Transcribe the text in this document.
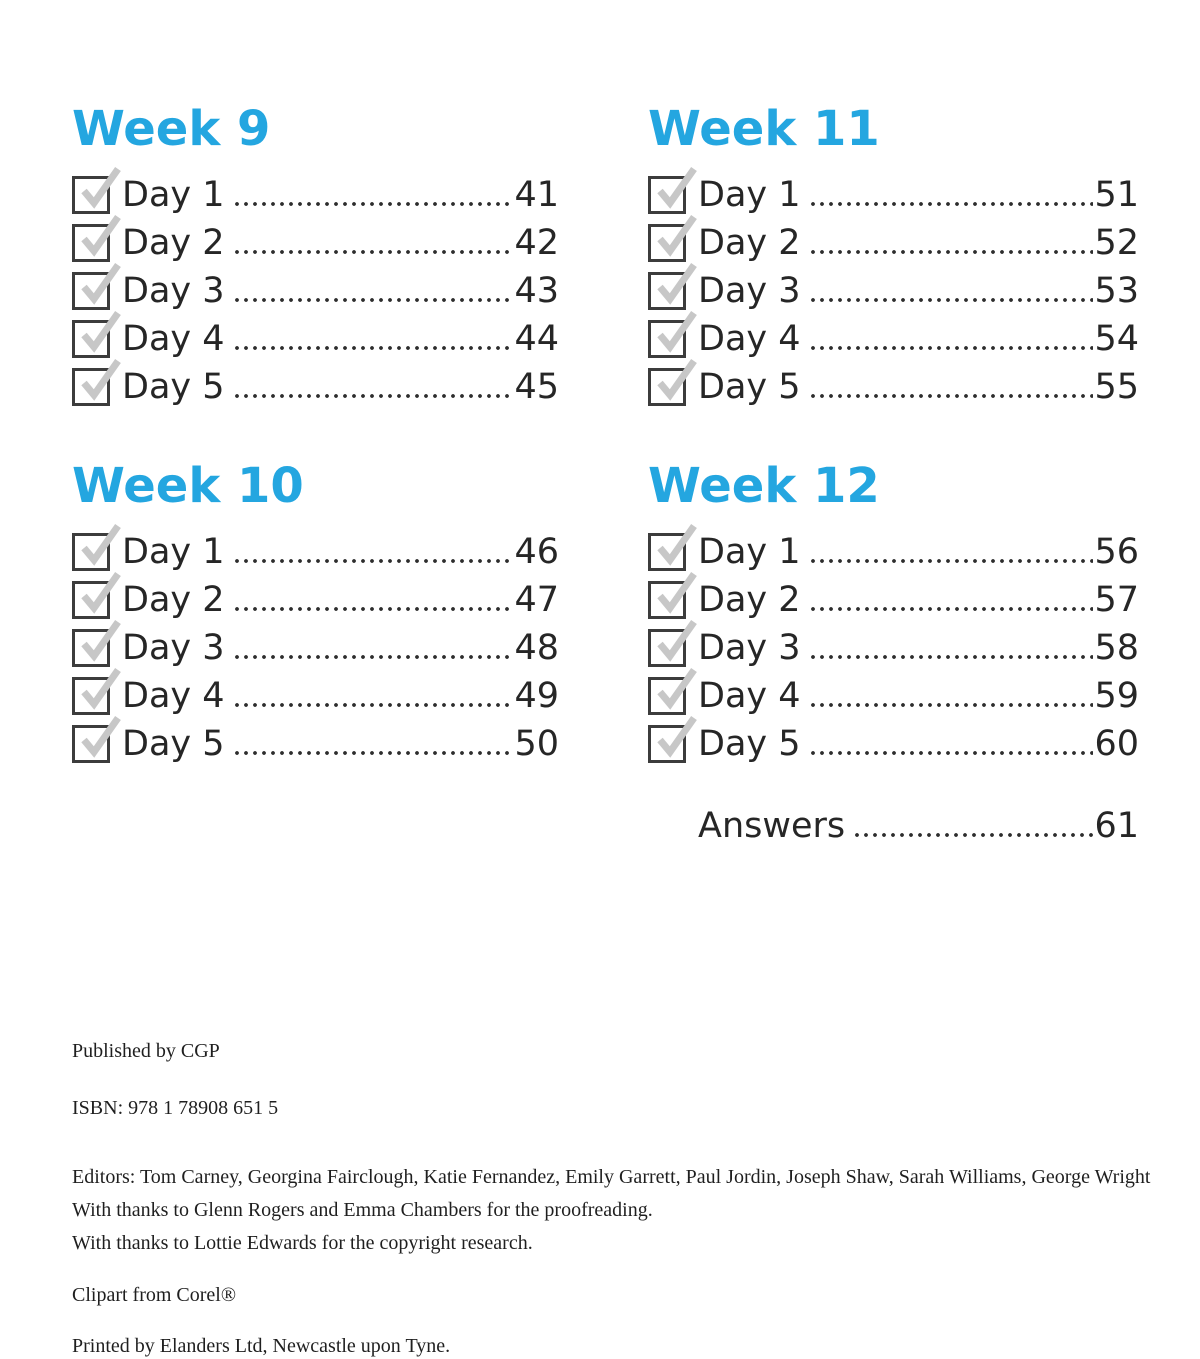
Week 9
Day 1	41
Day 2	42
Day 3	43
Day 4	44
Day 5	45
Week 10
Day 1	46
Day 2	47
Day 3	48
Day 4	49
Day 5	50
Week 11
Day 1	51
Day 2	52
Day 3	53
Day 4	54
Day 5	55
Week 12
Day 1	56
Day 2	57
Day 3	58
Day 4	59
Day 5	60
Answers	61

Published by CGP

ISBN: 978 1 78908 651 5

Editors: Tom Carney, Georgina Fairclough, Katie Fernandez, Emily Garrett, Paul Jordin, Joseph Shaw, Sarah Williams, George Wright

With thanks to Glenn Rogers and Emma Chambers for the proofreading.

With thanks to Lottie Edwards for the copyright research.

Clipart from Corel®

Printed by Elanders Ltd, Newcastle upon Tyne.
